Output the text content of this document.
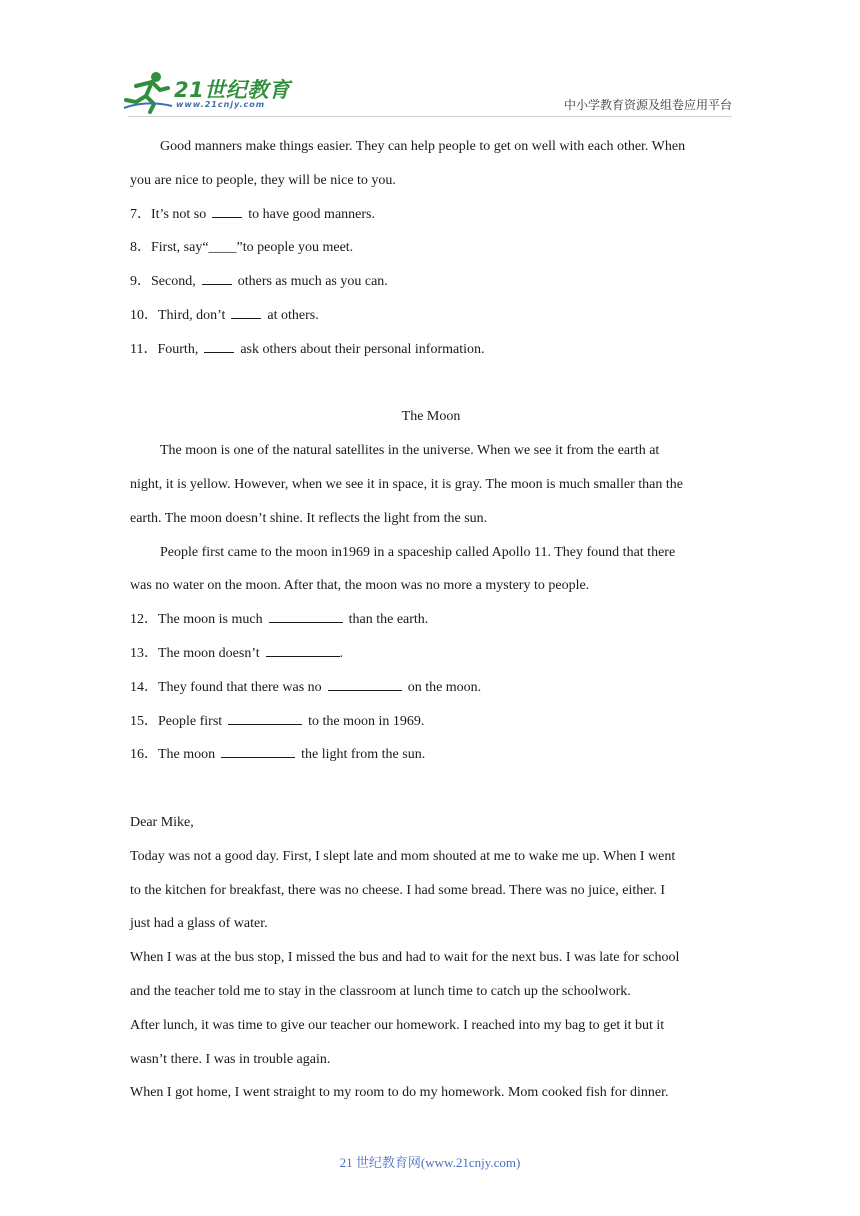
21世纪教育
www.21cnjy.com	中小学教育资源及组卷应用平台

Good manners make things easier. They can help people to get on well with each other. When

you are nice to people, they will be nice to you.

7．It’s not so	to have good manners.

8．First, say“____”to people you meet.

9．Second,	others as much as you can.

10．Third, don’t	at others.

11．Fourth,	ask others about their personal information.

The Moon

The moon is one of the natural satellites in the universe. When we see it from the earth at

night, it is yellow. However, when we see it in space, it is gray. The moon is much smaller than the

earth. The moon doesn’t shine. It reflects the light from the sun.

People first came to the moon in1969 in a spaceship called Apollo 11. They found that there

was no water on the moon. After that, the moon was no more a mystery to people.

12．The moon is much	than the earth.

13．The moon doesn’t	.

14．They found that there was no	on the moon.

15．People first	to the moon in 1969.

16．The moon	the light from the sun.

Dear Mike,

Today was not a good day. First, I slept late and mom shouted at me to wake me up. When I went

to the kitchen for breakfast, there was no cheese. I had some bread. There was no juice, either. I

just had a glass of water.

When I was at the bus stop, I missed the bus and had to wait for the next bus. I was late for school

and the teacher told me to stay in the classroom at lunch time to catch up the schoolwork.

After lunch, it was time to give our teacher our homework. I reached into my bag to get it but it

wasn’t there. I was in trouble again.

When I got home, I went straight to my room to do my homework. Mom cooked fish for dinner.

21 世纪教育网(www.21cnjy.com)
